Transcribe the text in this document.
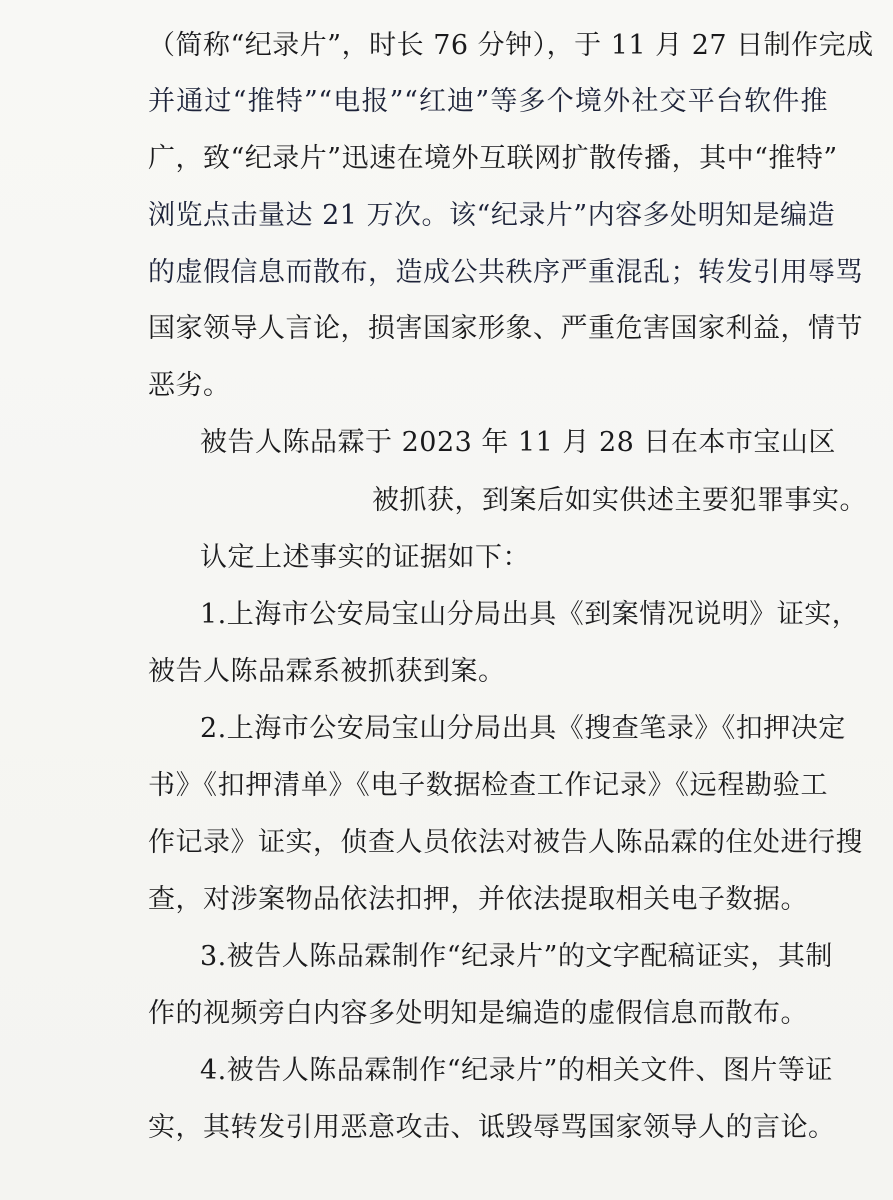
（简称“纪录片”，时长 76 分钟），于 11 月 27 日制作完成
并通过“推特”“电报”“红迪”等多个境外社交平台软件推
广，致“纪录片”迅速在境外互联网扩散传播，其中“推特”
浏览点击量达 21 万次。该“纪录片”内容多处明知是编造
的虚假信息而散布，造成公共秩序严重混乱；转发引用辱骂
国家领导人言论，损害国家形象、严重危害国家利益，情节
恶劣。
被告人陈品霖于 2023 年 11 月 28 日在本市宝山区
被抓获，到案后如实供述主要犯罪事实。
认定上述事实的证据如下：
1.上海市公安局宝山分局出具《到案情况说明》证实，
被告人陈品霖系被抓获到案。
2.上海市公安局宝山分局出具《搜查笔录》《扣押决定
书》《扣押清单》《电子数据检查工作记录》《远程勘验工
作记录》证实，侦查人员依法对被告人陈品霖的住处进行搜
查，对涉案物品依法扣押，并依法提取相关电子数据。
3.被告人陈品霖制作“纪录片”的文字配稿证实，其制
作的视频旁白内容多处明知是编造的虚假信息而散布。
4.被告人陈品霖制作“纪录片”的相关文件、图片等证
实，其转发引用恶意攻击、诋毁辱骂国家领导人的言论。
